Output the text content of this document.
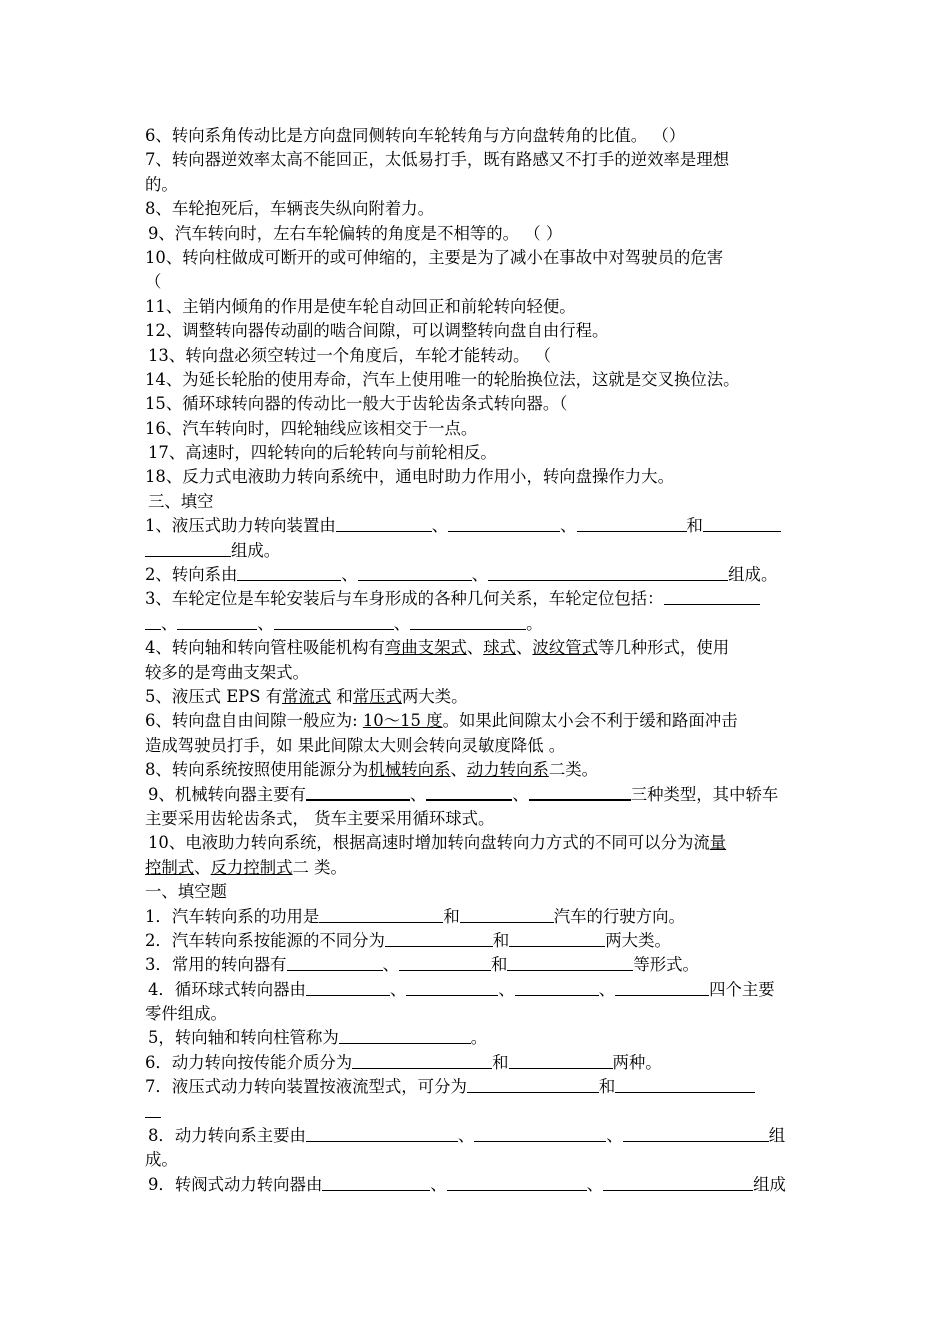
6、转向系角传动比是方向盘同侧转向车轮转角与方向盘转角的比值。 （）
7、转向器逆效率太高不能回正，太低易打手，既有路感又不打手的逆效率是理想
的。
8、车轮抱死后，车辆丧失纵向附着力。
9、汽车转向时，左右车轮偏转的角度是不相等的。 （ ）
10、转向柱做成可断开的或可伸缩的，主要是为了减小在事故中对驾驶员的危害
（
11、主销内倾角的作用是使车轮自动回正和前轮转向轻便。
12、调整转向器传动副的啮合间隙，可以调整转向盘自由行程。
13、转向盘必须空转过一个角度后，车轮才能转动。 （
14、为延长轮胎的使用寿命，汽车上使用唯一的轮胎换位法，这就是交叉换位法。
15、循环球转向器的传动比一般大于齿轮齿条式转向器。（
16、汽车转向时，四轮轴线应该相交于一点。
17、高速时，四轮转向的后轮转向与前轮相反。
18、反力式电液助力转向系统中，通电时助力作用小，转向盘操作力大。
三、填空
1、液压式助力转向装置由	、	、	和
组成。
2、转向系由	、	、	组成。
3、车轮定位是车轮安装后与车身形成的各种几何关系，车轮定位包括：
、	、	、	。
4、转向轴和转向管柱吸能机构有弯曲支架式、球式、波纹管式等几种形式，使用
较多的是弯曲支架式。
5、液压式 EPS 有常流式 和常压式两大类。
6、转向盘自由间隙一般应为: 10～15 度。如果此间隙太小会不利于缓和路面冲击
造成驾驶员打手，如 果此间隙太大则会转向灵敏度降低 。
8、转向系统按照使用能源分为机械转向系、动力转向系二类。
9、机械转向器主要有	、	、	三种类型，其中轿车
主要采用齿轮齿条式， 货车主要采用循环球式。
10、电液助力转向系统，根据高速时增加转向盘转向力方式的不同可以分为流量
控制式、反力控制式二 类。
一、填空题
1．汽车转向系的功用是	和	汽车的行驶方向。
2．汽车转向系按能源的不同分为	和	两大类。
3．常用的转向器有	、	和	等形式。
4．循环球式转向器由	、	、	、	四个主要
零件组成。
5，转向轴和转向柱管称为	。
6．动力转向按传能介质分为	和	两种。
7．液压式动力转向装置按液流型式，可分为	和
8．动力转向系主要由	、	、	组
成。
9．转阀式动力转向器由	、	、	组成
